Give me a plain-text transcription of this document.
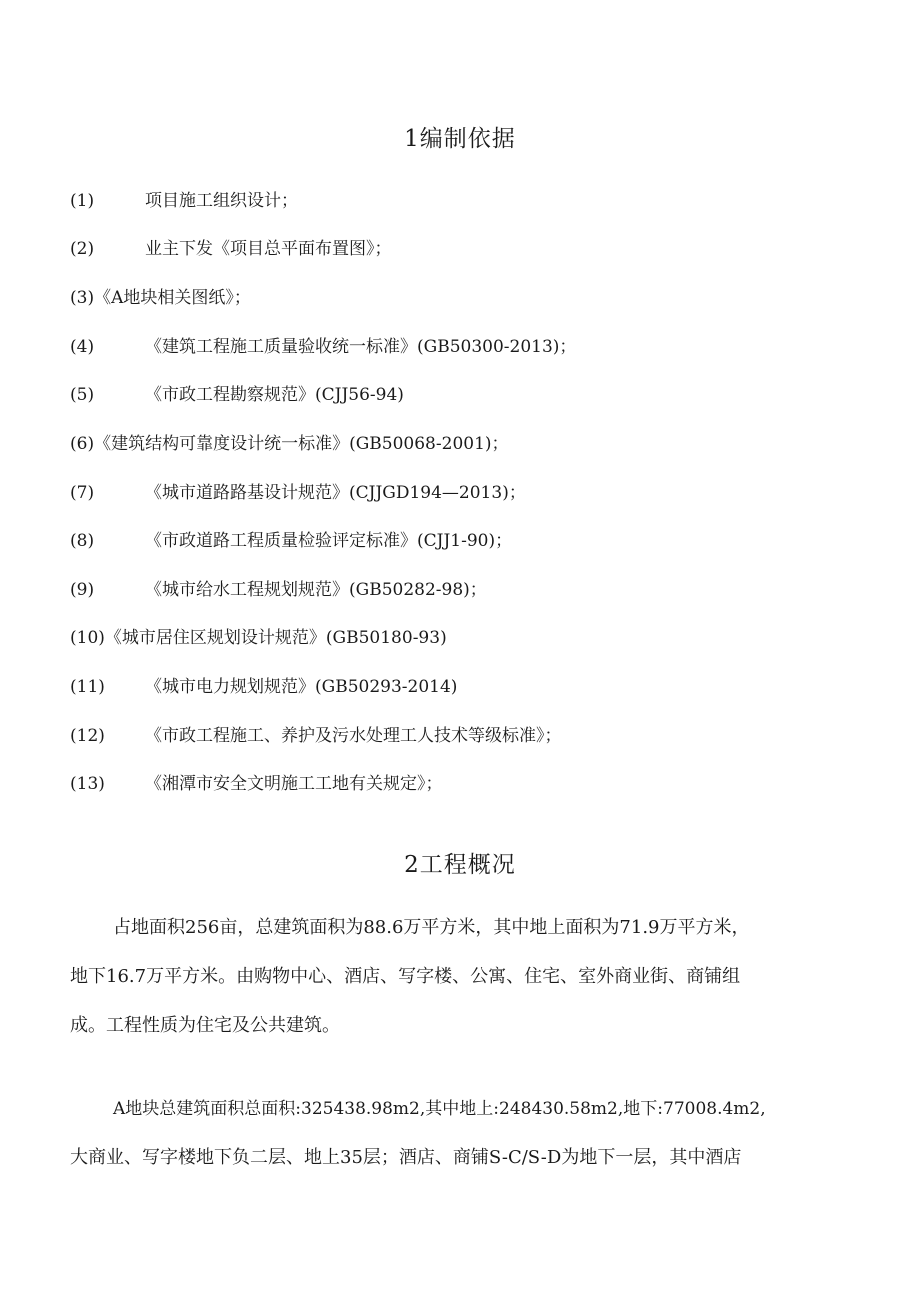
1编制依据
(1)	项目施工组织设计；
(2)	业主下发《项目总平面布置图》；
(3)《A地块相关图纸》；
(4)	《建筑工程施工质量验收统一标准》(GB50300-2013)；
(5)	《市政工程勘察规范》(CJJ56-94)
(6)《建筑结构可靠度设计统一标准》(GB50068-2001)；
(7)	《城市道路路基设计规范》(CJJGD194—2013)；
(8)	《市政道路工程质量检验评定标准》(CJJ1-90)；
(9)	《城市给水工程规划规范》(GB50282-98)；
(10)《城市居住区规划设计规范》(GB50180-93)
(11) 《城市电力规划规范》(GB50293-2014)
(12) 《市政工程施工、养护及污水处理工人技术等级标准》；
(13) 《湘潭市安全文明施工工地有关规定》；
2工程概况
占地面积256亩，总建筑面积为88.6万平方米，其中地上面积为71.9万平方米，
地下16.7万平方米。由购物中心、酒店、写字楼、公寓、住宅、室外商业街、商铺组
成。工程性质为住宅及公共建筑。
A地块总建筑面积总面积:325438.98m2,其中地上:248430.58m2,地下:77008.4m2,
大商业、写字楼地下负二层、地上35层；酒店、商铺S-C/S-D为地下一层，其中酒店
